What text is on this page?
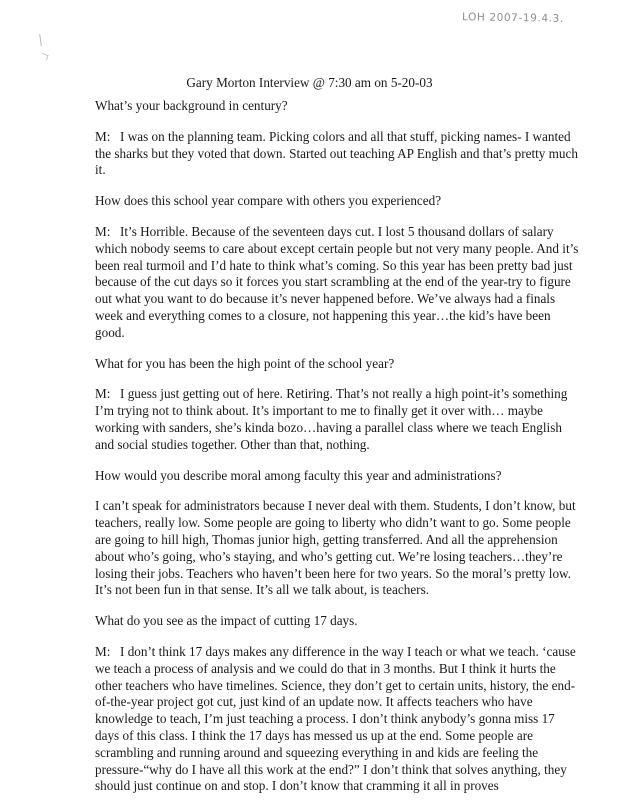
LOH 2007-19.4.3.
Gary Morton Interview @ 7:30 am on 5-20-03

What’s your background in century?

M: I was on the planning team. Picking colors and all that stuff, picking names- I wanted the sharks but they voted that down. Started out teaching AP English and that’s pretty much it.

How does this school year compare with others you experienced?

M: It’s Horrible. Because of the seventeen days cut. I lost 5 thousand dollars of salary which nobody seems to care about except certain people but not very many people. And it’s been real turmoil and I’d hate to think what’s coming. So this year has been pretty bad just because of the cut days so it forces you start scrambling at the end of the year-try to figure out what you want to do because it’s never happened before. We’ve always had a finals week and everything comes to a closure, not happening this year…the kid’s have been good.

What for you has been the high point of the school year?

M: I guess just getting out of here. Retiring. That’s not really a high point-it’s something I’m trying not to think about. It’s important to me to finally get it over with… maybe working with sanders, she’s kinda bozo…having a parallel class where we teach English and social studies together. Other than that, nothing.

How would you describe moral among faculty this year and administrations?

I can’t speak for administrators because I never deal with them. Students, I don’t know, but teachers, really low. Some people are going to liberty who didn’t want to go. Some people are going to hill high, Thomas junior high, getting transferred. And all the apprehension about who’s going, who’s staying, and who’s getting cut. We’re losing teachers…they’re losing their jobs. Teachers who haven’t been here for two years. So the moral’s pretty low. It’s not been fun in that sense. It’s all we talk about, is teachers.

What do you see as the impact of cutting 17 days.

M: I don’t think 17 days makes any difference in the way I teach or what we teach. ‘cause we teach a process of analysis and we could do that in 3 months. But I think it hurts the other teachers who have timelines. Science, they don’t get to certain units, history, the end-of-the-year project got cut, just kind of an update now. It affects teachers who have knowledge to teach, I’m just teaching a process. I don’t think anybody’s gonna miss 17 days of this class. I think the 17 days has messed us up at the end. Some people are scrambling and running around and squeezing everything in and kids are feeling the pressure-“why do I have all this work at the end?” I don’t think that solves anything, they should just continue on and stop. I don’t know that cramming it all in proves
